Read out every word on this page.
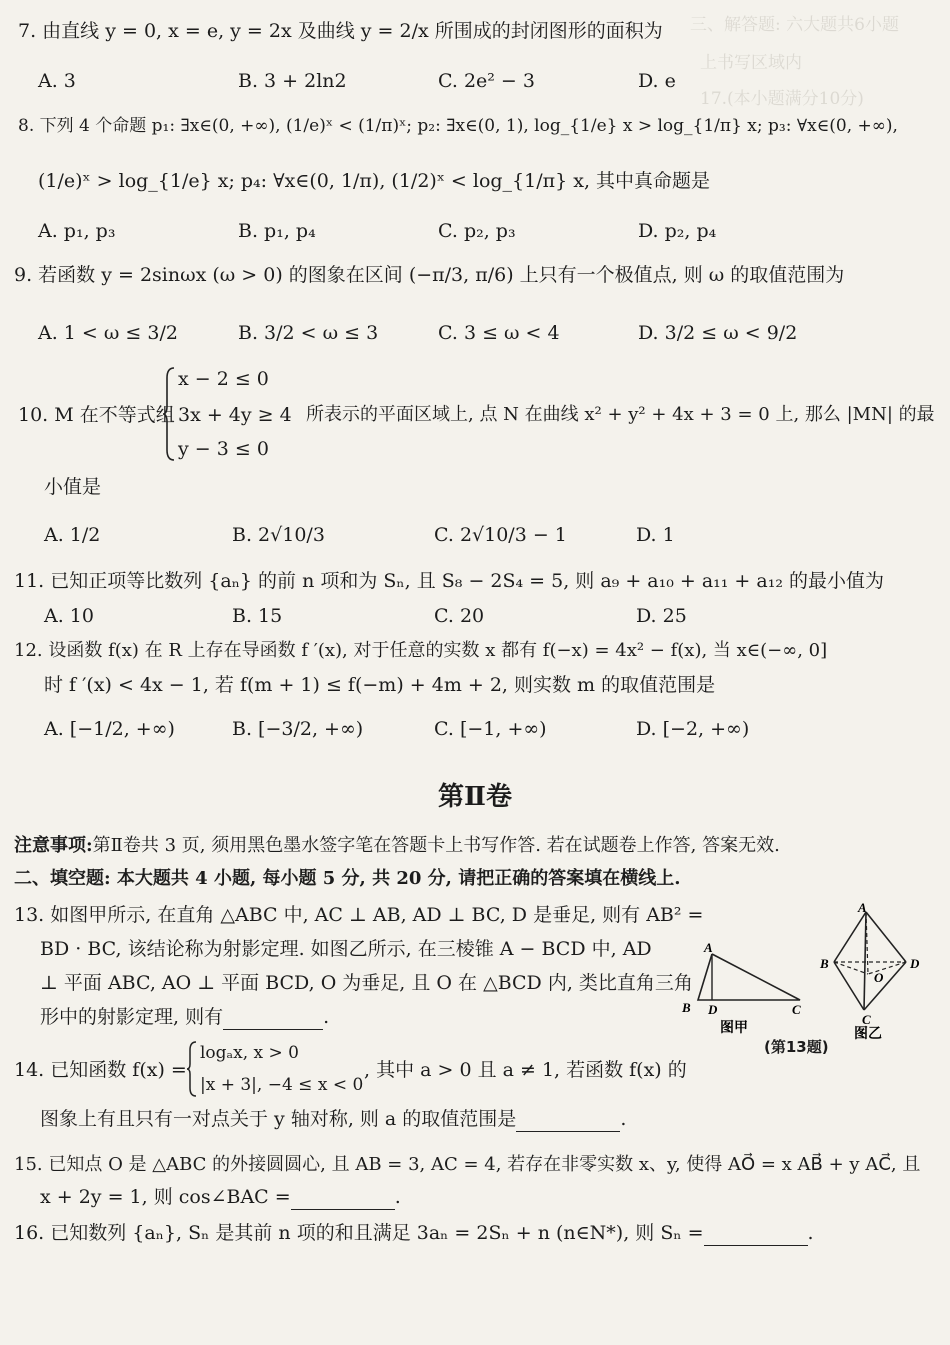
三、解答题: 六大题共6小题
上书写区域内
17.(本小题满分10分)
7. 由直线 y = 0, x = e, y = 2x 及曲线 y = 2/x 所围成的封闭图形的面积为
A. 3	B. 3 + 2ln2	C. 2e² − 3	D. e
8. 下列 4 个命题 p₁: ∃x∈(0, +∞), (1/e)ˣ < (1/π)ˣ; p₂: ∃x∈(0, 1), log_{1/e} x > log_{1/π} x; p₃: ∀x∈(0, +∞),
(1/e)ˣ > log_{1/e} x; p₄: ∀x∈(0, 1/π), (1/2)ˣ < log_{1/π} x, 其中真命题是
A. p₁, p₃	B. p₁, p₄	C. p₂, p₃	D. p₂, p₄
9. 若函数 y = 2sinωx (ω > 0) 的图象在区间 (−π/3, π/6) 上只有一个极值点, 则 ω 的取值范围为
A. 1 < ω ≤ 3/2	B. 3/2 < ω ≤ 3	C. 3 ≤ ω < 4	D. 3/2 ≤ ω < 9/2
10. M 在不等式组
x − 2 ≤ 0
3x + 4y ≥ 4
y − 3 ≤ 0
所表示的平面区域上, 点 N 在曲线 x² + y² + 4x + 3 = 0 上, 那么 |MN| 的最
小值是
A. 1/2	B. 2√10/3	C. 2√10/3 − 1	D. 1
11. 已知正项等比数列 {aₙ} 的前 n 项和为 Sₙ, 且 S₈ − 2S₄ = 5, 则 a₉ + a₁₀ + a₁₁ + a₁₂ 的最小值为
A. 10	B. 15	C. 20	D. 25
12. 设函数 f(x) 在 R 上存在导函数 f ′(x), 对于任意的实数 x 都有 f(−x) = 4x² − f(x), 当 x∈(−∞, 0]
时 f ′(x) < 4x − 1, 若 f(m + 1) ≤ f(−m) + 4m + 2, 则实数 m 的取值范围是
A. [−1/2, +∞)	B. [−3/2, +∞)	C. [−1, +∞)	D. [−2, +∞)
第Ⅱ卷
注意事项:第Ⅱ卷共 3 页, 须用黑色墨水签字笔在答题卡上书写作答. 若在试题卷上作答, 答案无效.
二、填空题: 本大题共 4 小题, 每小题 5 分, 共 20 分, 请把正确的答案填在横线上.
13. 如图甲所示, 在直角 △ABC 中, AC ⊥ AB, AD ⊥ BC, D 是垂足, 则有 AB² =
BD · BC, 该结论称为射影定理. 如图乙所示, 在三棱锥 A − BCD 中, AD
⊥ 平面 ABC, AO ⊥ 平面 BCD, O 为垂足, 且 O 在 △BCD 内, 类比直角三角
形中的射影定理, 则有	.
A
B D	C
图甲
(第13题)
A
B	D
C
O
图乙
14. 已知函数 f(x) =
logₐx, x > 0
|x + 3|, −4 ≤ x < 0
, 其中 a > 0 且 a ≠ 1, 若函数 f(x) 的
图象上有且只有一对点关于 y 轴对称, 则 a 的取值范围是	.
15. 已知点 O 是 △ABC 的外接圆圆心, 且 AB = 3, AC = 4, 若存在非零实数 x、y, 使得 AO⃗ = x AB⃗ + y AC⃗, 且
x + 2y = 1, 则 cos∠BAC =	.
16. 已知数列 {aₙ}, Sₙ 是其前 n 项的和且满足 3aₙ = 2Sₙ + n (n∈N*), 则 Sₙ =	.
